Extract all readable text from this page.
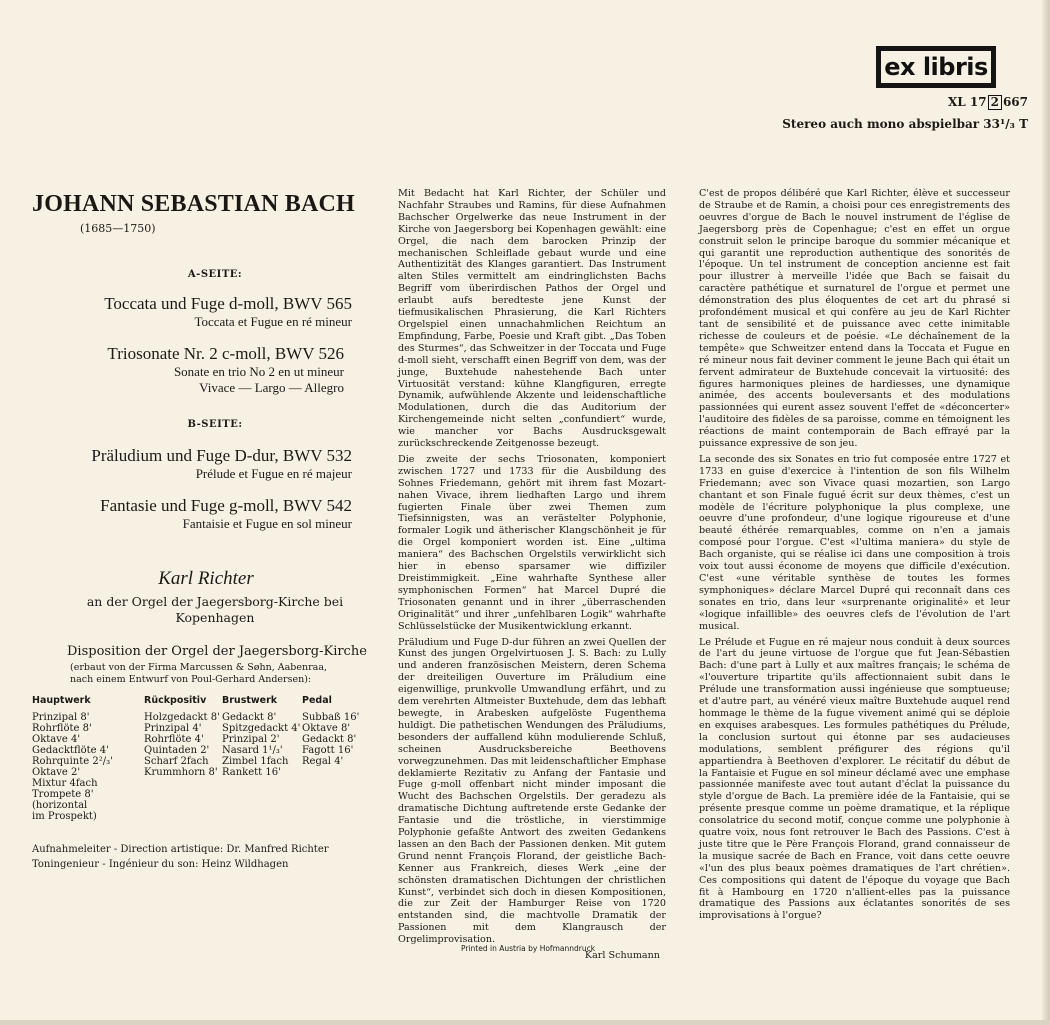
ex libris
XL 17 2 667
Stereo auch mono abspielbar 33¹/₃ T
JOHANN SEBASTIAN BACH
(1685—1750)
A-SEITE:
Toccata und Fuge d-moll, BWV 565
Toccata et Fugue en ré mineur
Triosonate Nr. 2 c-moll, BWV 526
Sonate en trio No 2 en ut mineur
Vivace — Largo — Allegro
B-SEITE:
Präludium und Fuge D-dur, BWV 532
Prélude et Fugue en ré majeur
Fantasie und Fuge g-moll, BWV 542
Fantaisie et Fugue en sol mineur
Karl Richter
an der Orgel der Jaegersborg-Kirche bei
Kopenhagen
Disposition der Orgel der Jaegersborg-Kirche
(erbaut von der Firma Marcussen & Søhn, Aabenraa,
nach einem Entwurf von Poul-Gerhard Andersen):
Hauptwerk
Prinzipal 8'
Rohrflöte 8'
Oktave 4'
Gedacktflöte 4'
Rohrquinte 2²/₃'
Oktave 2'
Mixtur 4fach
Trompete 8'
(horizontal
im Prospekt)
Rückpositiv
Holzgedackt 8'
Prinzipal 4'
Rohrflöte 4'
Quintaden 2'
Scharf 2fach
Krummhorn 8'
Brustwerk
Gedackt 8'
Spitzgedackt 4'
Prinzipal 2'
Nasard 1¹/₃'
Zimbel 1fach
Rankett 16'
Pedal
Subbaß 16'
Oktave 8'
Gedackt 8'
Fagott 16'
Regal 4'
Aufnahmeleiter - Direction artistique: Dr. Manfred Richter
Toningenieur - Ingénieur du son: Heinz Wildhagen

Mit Bedacht hat Karl Richter, der Schüler und Nachfahr Straubes und Ramins, für diese Aufnahmen Bachscher Orgelwerke das neue Instrument in der Kirche von Jaegersborg bei Kopenhagen gewählt: eine Orgel, die nach dem barocken Prinzip der mechanischen Schleiflade gebaut wurde und eine Authentizität des Klanges garantiert. Das Instrument alten Stiles vermittelt am eindringlichsten Bachs Begriff vom überirdischen Pathos der Orgel und erlaubt aufs beredteste jene Kunst der tiefmusikalischen Phrasierung, die Karl Richters Orgelspiel einen unnachahmlichen Reichtum an Empfindung, Farbe, Poesie und Kraft gibt. „Das Toben des Sturmes“, das Schweitzer in der Toccata und Fuge d-moll sieht, verschafft einen Begriff von dem, was der junge, Buxtehude nahestehende Bach unter Virtuosität verstand: kühne Klangfiguren, erregte Dynamik, aufwühlende Akzente und leidenschaftliche Modulationen, durch die das Auditorium der Kirchengemeinde nicht selten „confundiert“ wurde, wie mancher vor Bachs Ausdrucksgewalt zurückschreckende Zeitgenosse bezeugt.

Die zweite der sechs Triosonaten, komponiert zwischen 1727 und 1733 für die Ausbildung des Sohnes Friedemann, gehört mit ihrem fast Mozart-nahen Vivace, ihrem liedhaften Largo und ihrem fugierten Finale über zwei Themen zum Tiefsinnigsten, was an verästelter Polyphonie, formaler Logik und ätherischer Klangschönheit je für die Orgel komponiert worden ist. Eine „ultima maniera“ des Bachschen Orgelstils verwirklicht sich hier in ebenso sparsamer wie diffiziler Dreistimmigkeit. „Eine wahrhafte Synthese aller symphonischen Formen“ hat Marcel Dupré die Triosonaten genannt und in ihrer „überraschenden Originalität“ und ihrer „unfehlbaren Logik“ wahrhafte Schlüsselstücke der Musikentwicklung erkannt.

Präludium und Fuge D-dur führen an zwei Quellen der Kunst des jungen Orgelvirtuosen J. S. Bach: zu Lully und anderen französischen Meistern, deren Schema der dreiteiligen Ouverture im Präludium eine eigenwillige, prunkvolle Umwandlung erfährt, und zu dem verehrten Altmeister Buxtehude, dem das lebhaft bewegte, in Arabesken aufgelöste Fugenthema huldigt. Die pathetischen Wendungen des Präludiums, besonders der auffallend kühn modulierende Schluß, scheinen Ausdrucksbereiche Beethovens vorwegzunehmen. Das mit leidenschaftlicher Emphase deklamierte Rezitativ zu Anfang der Fantasie und Fuge g-moll offenbart nicht minder imposant die Wucht des Bachschen Orgelstils. Der geradezu als dramatische Dichtung auftretende erste Gedanke der Fantasie und die tröstliche, in vierstimmige Polyphonie gefaßte Antwort des zweiten Gedankens lassen an den Bach der Passionen denken. Mit gutem Grund nennt François Florand, der geistliche Bach-Kenner aus Frankreich, dieses Werk „eine der schönsten dramatischen Dichtungen der christlichen Kunst“, verbindet sich doch in diesen Kompositionen, die zur Zeit der Hamburger Reise von 1720 entstanden sind, die machtvolle Dramatik der Passionen mit dem Klangrausch der Orgelimprovisation.

Karl Schumann

C'est de propos délibéré que Karl Richter, élève et successeur de Straube et de Ramin, a choisi pour ces enregistrements des oeuvres d'orgue de Bach le nouvel instrument de l'église de Jaegersborg près de Copenhague; c'est en effet un orgue construit selon le principe baroque du sommier mécanique et qui garantit une reproduction authentique des sonorités de l'époque. Un tel instrument de conception ancienne est fait pour illustrer à merveille l'idée que Bach se faisait du caractère pathétique et surnaturel de l'orgue et permet une démonstration des plus éloquentes de cet art du phrasé si profondément musical et qui confère au jeu de Karl Richter tant de sensibilité et de puissance avec cette inimitable richesse de couleurs et de poésie. «Le déchaînement de la tempête» que Schweitzer entend dans la Toccata et Fugue en ré mineur nous fait deviner comment le jeune Bach qui était un fervent admirateur de Buxtehude concevait la virtuosité: des figures harmoniques pleines de hardiesses, une dynamique animée, des accents bouleversants et des modulations passionnées qui eurent assez souvent l'effet de «déconcerter» l'auditoire des fidèles de sa paroisse, comme en témoignent les réactions de maint contemporain de Bach effrayé par la puissance expressive de son jeu.

La seconde des six Sonates en trio fut composée entre 1727 et 1733 en guise d'exercice à l'intention de son fils Wilhelm Friedemann; avec son Vivace quasi mozartien, son Largo chantant et son Finale fugué écrit sur deux thèmes, c'est un modèle de l'écriture polyphonique la plus complexe, une oeuvre d'une profondeur, d'une logique rigoureuse et d'une beauté éthérée remarquables, comme on n'en a jamais composé pour l'orgue. C'est «l'ultima maniera» du style de Bach organiste, qui se réalise ici dans une composition à trois voix tout aussi économe de moyens que difficile d'exécution. C'est «une véritable synthèse de toutes les formes symphoniques» déclare Marcel Dupré qui reconnaît dans ces sonates en trio, dans leur «surprenante originalité» et leur «logique infaillible» des oeuvres clefs de l'évolution de l'art musical.

Le Prélude et Fugue en ré majeur nous conduit à deux sources de l'art du jeune virtuose de l'orgue que fut Jean-Sébastien Bach: d'une part à Lully et aux maîtres français; le schéma de «l'ouverture tripartite qu'ils affectionnaient subit dans le Prélude une transformation aussi ingénieuse que somptueuse; et d'autre part, au vénéré vieux maître Buxtehude auquel rend hommage le thème de la fugue vivement animé qui se déploie en exquises arabesques. Les formules pathétiques du Prélude, la conclusion surtout qui étonne par ses audacieuses modulations, semblent préfigurer des régions qu'il appartiendra à Beethoven d'explorer. Le récitatif du début de la Fantaisie et Fugue en sol mineur déclamé avec une emphase passionnée manifeste avec tout autant d'éclat la puissance du style d'orgue de Bach. La première idée de la Fantaisie, qui se présente presque comme un poème dramatique, et la réplique consolatrice du second motif, conçue comme une polyphonie à quatre voix, nous font retrouver le Bach des Passions. C'est à juste titre que le Père François Florand, grand connaisseur de la musique sacrée de Bach en France, voit dans cette oeuvre «l'un des plus beaux poèmes dramatiques de l'art chrétien». Ces compositions qui datent de l'époque du voyage que Bach fit à Hambourg en 1720 n'allient-elles pas la puissance dramatique des Passions aux éclatantes sonorités de ses improvisations à l'orgue?

Printed in Austria by Hofmanndruck
